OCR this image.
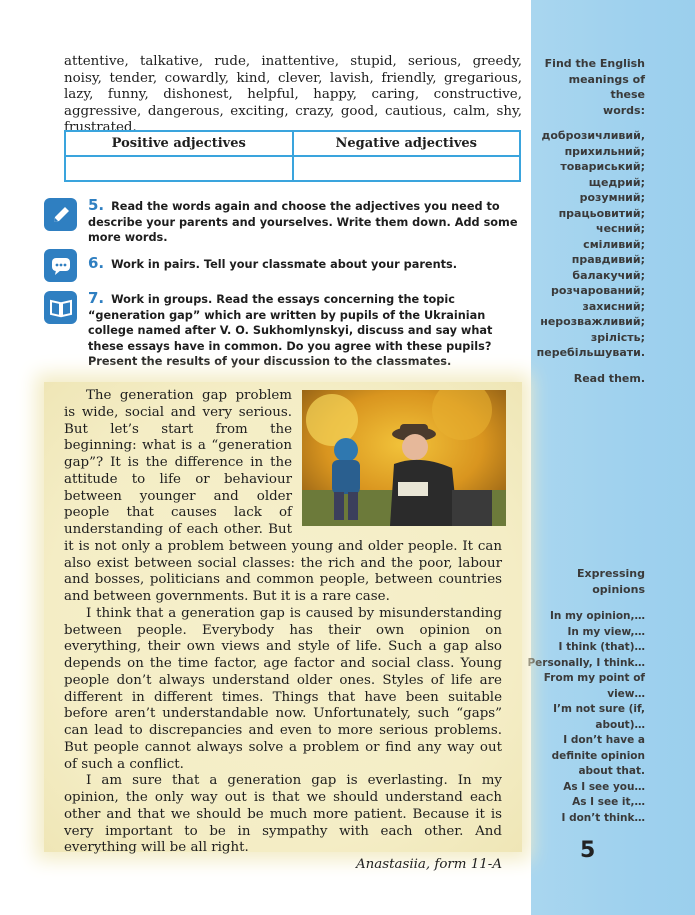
Find the English
meanings of these
words:
доброзичливий,
прихильний;
товариський;
щедрий;
розумний;
працьовитий;
чесний;
сміливий;
правдивий;
балакучий;
розчарований;
захисний;
нерозважливий;
зрілість;
перебільшувати.
Read them.
Expressing opinions
In my opinion,…
In my view,…
I think (that)…
Personally, I think…
From my point of
view…
I’m not sure (if,
about)…
I don’t have a
definite opinion
about that.
As I see you…
As I see it,…
I don’t think…
5
attentive, talkative, rude, inattentive, stupid, serious, greedy, noisy, tender, cowardly, kind, clever, lavish, friendly, gregarious, lazy, funny, dishonest, helpful, happy, caring, constructive, aggressive, dangerous, exciting, crazy, good, cautious, calm, shy, frustrated.
Positive adjectives	Negative adjectives

5. Read the words again and choose the adjectives you need to describe your parents and yourselves. Write them down. Add some more words.
6. Work in pairs. Tell your classmate about your parents.
7. Work in groups. Read the essays concerning the topic “generation gap” which are written by pupils of the Ukrainian college named after V. O. Sukhomlynskyi, discuss and say what these essays have in common. Do you agree with these pupils? Present the results of your discussion to the classmates.

The generation gap problem is wide, social and very serious. But let’s start from the beginning: what is a “generation gap”? It is the difference in the attitude to life or behaviour between younger and older people that causes lack of understanding of each other. But it is not only a problem between young and older people. It can also exist between social classes: the rich and the poor, labour and bosses, politicians and common people, between countries and between governments. But it is a rare case.

I think that a generation gap is caused by misunderstanding between people. Everybody has their own opinion on everything, their own views and style of life. Such a gap also depends on the time factor, age factor and social class. Young people don’t always understand older ones. Styles of life are different in different times. Things that have been suitable before aren’t understandable now. Unfortunately, such “gaps” can lead to discrepancies and even to more serious problems. But people cannot always solve a problem or find any way out of such a conflict.

I am sure that a generation gap is everlasting. In my opinion, the only way out is that we should understand each other and that we should be much more patient. Because it is very important to be in sympathy with each other. And everything will be all right.

Anastasiia, form 11-A
